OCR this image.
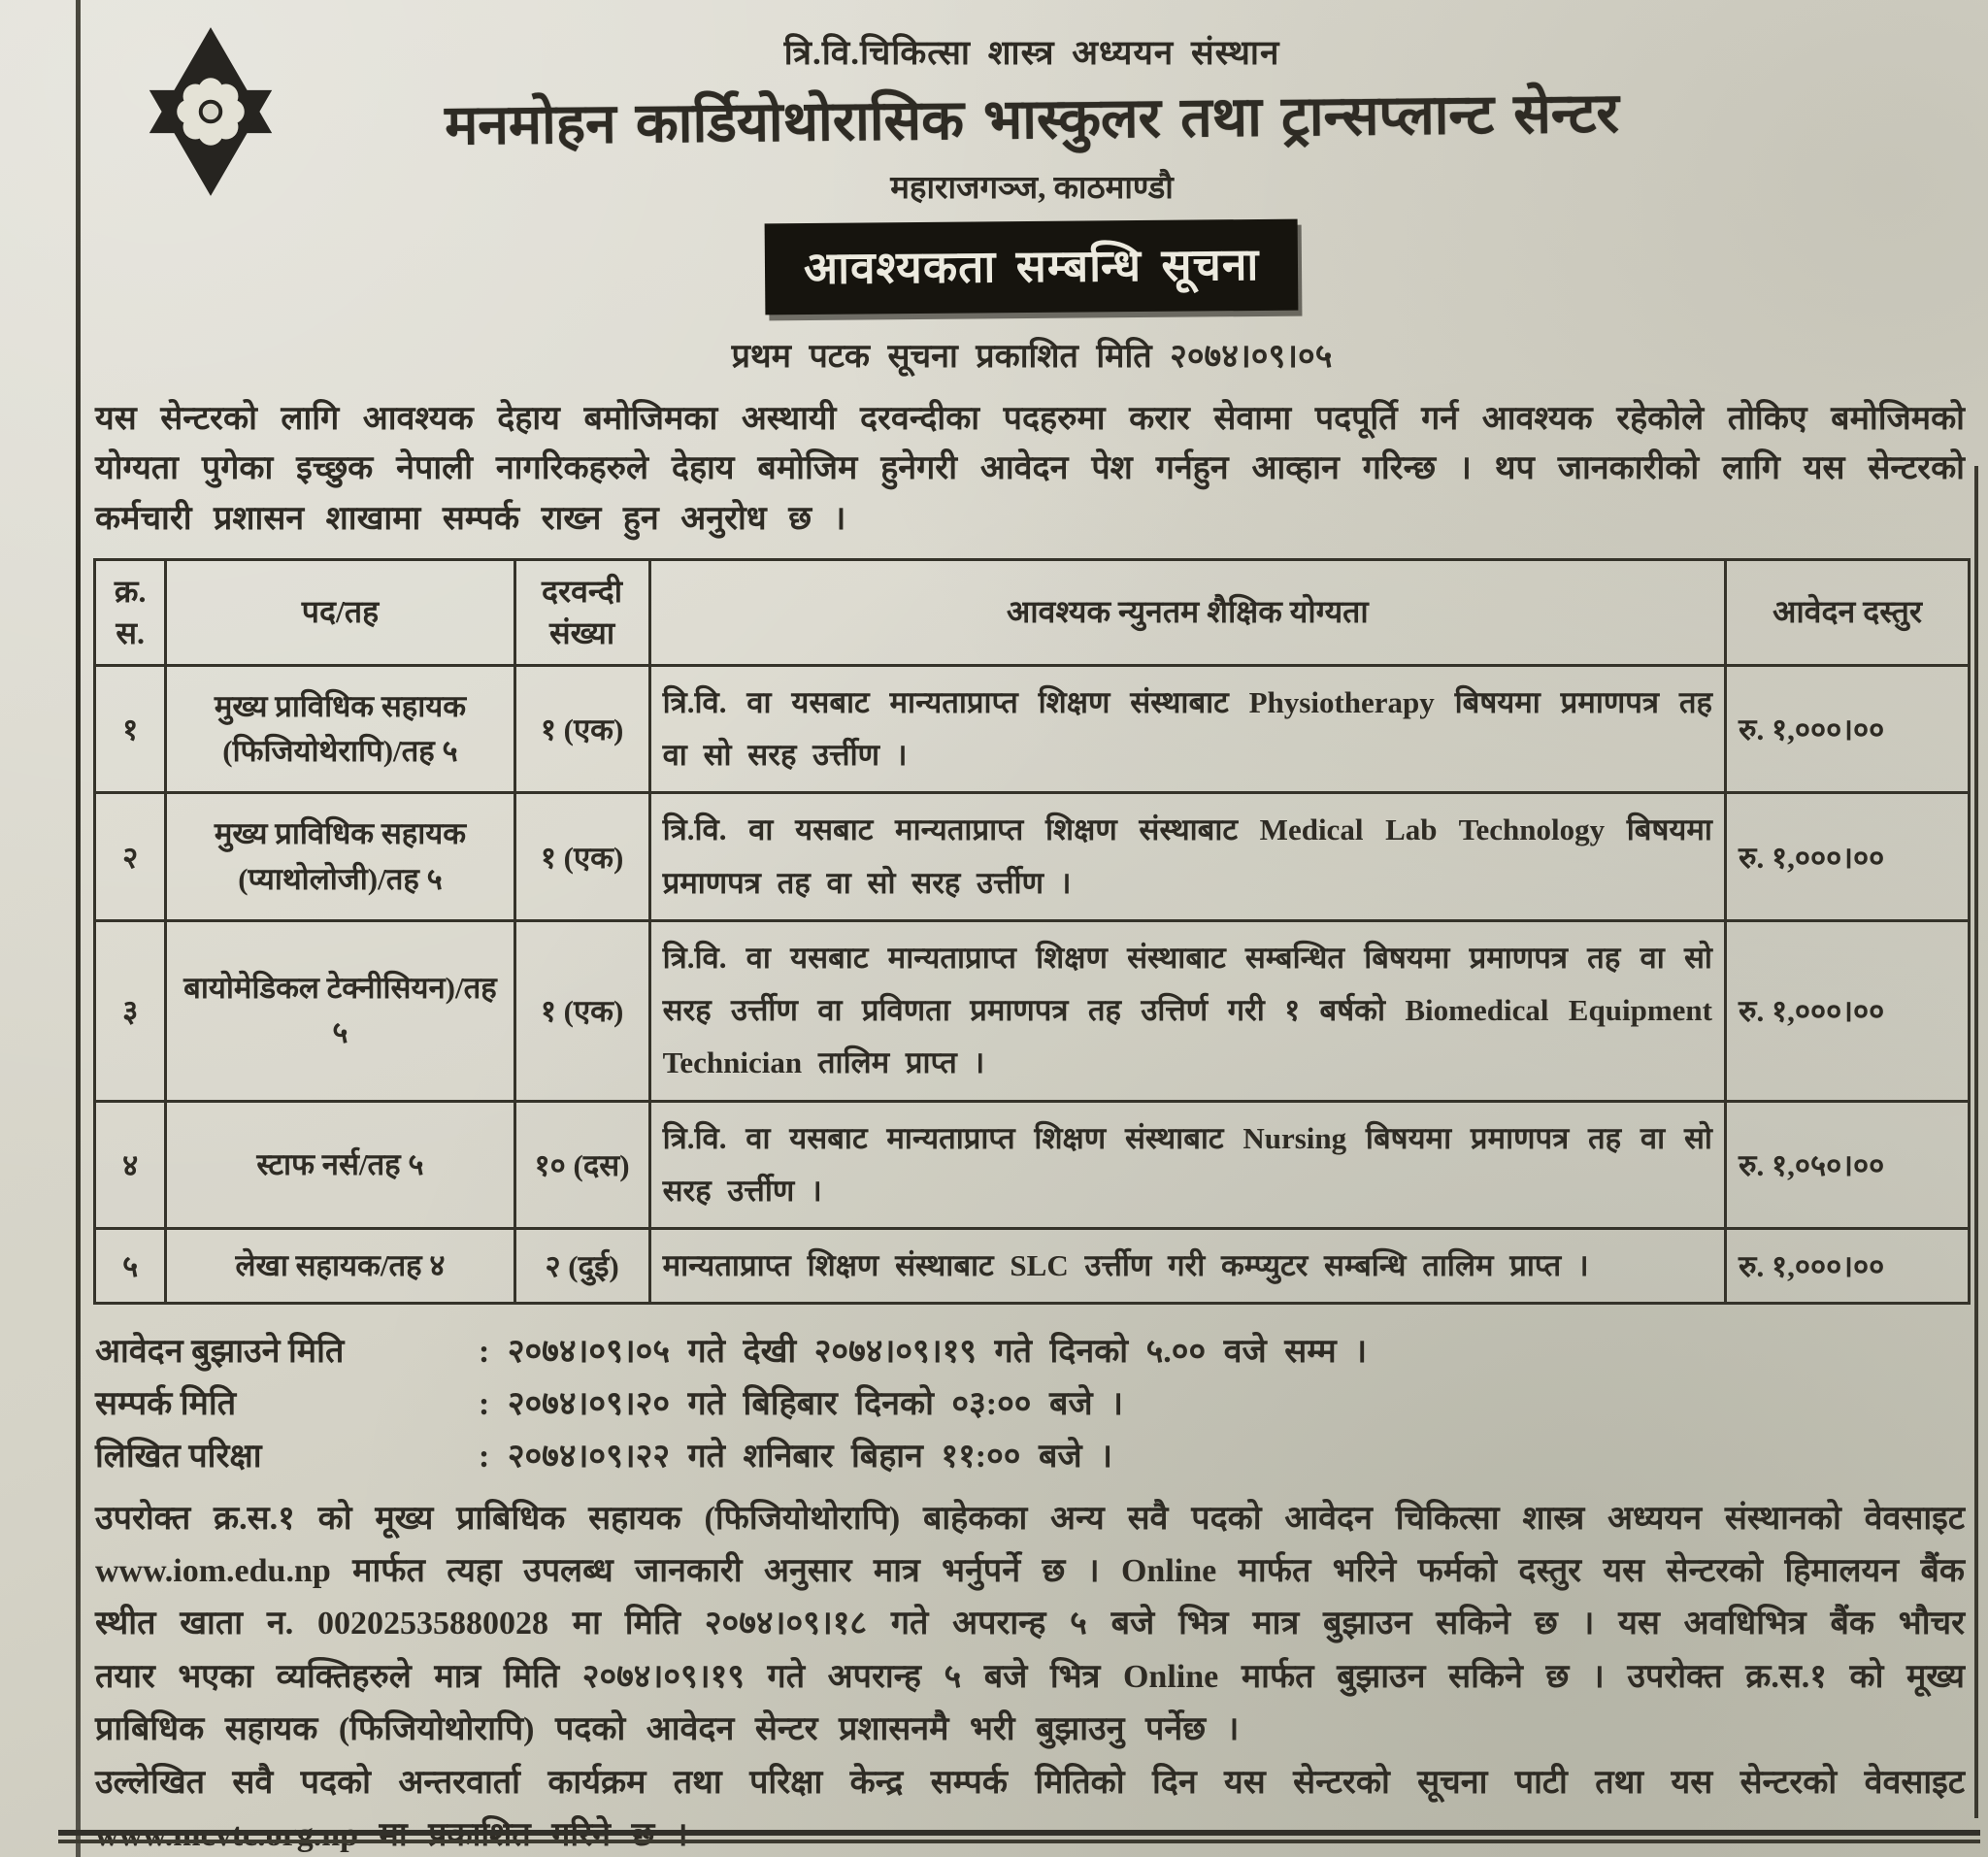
त्रि.वि.चिकित्सा शास्त्र अध्ययन संस्थान
मनमोहन कार्डियोथोरासिक भास्कुलर तथा ट्रान्सप्लान्ट सेन्टर
महाराजगञ्ज, काठमाण्डौ
आवश्यकता सम्बन्धि सूचना
प्रथम पटक सूचना प्रकाशित मिति २०७४।०९।०५

यस सेन्टरको लागि आवश्यक देहाय बमोजिमका अस्थायी दरवन्दीका पदहरुमा करार सेवामा पदपूर्ति गर्न आवश्यक रहेकोले तोकिए बमोजिमको योग्यता पुगेका इच्छुक नेपाली नागरिकहरुले देहाय बमोजिम हुनेगरी आवेदन पेश गर्नहुन आव्हान गरिन्छ । थप जानकारीको लागि यस सेन्टरको कर्मचारी प्रशासन शाखामा सम्पर्क राख्न हुन अनुरोध छ ।

क्र. स.	पद/तह	दरवन्दी संख्या	आवश्यक न्युनतम शैक्षिक योग्यता	आवेदन दस्तुर
१	मुख्य प्राविधिक सहायक (फिजियोथेरापि)/तह ५	१ (एक)	त्रि.वि. वा यसबाट मान्यताप्राप्त शिक्षण संस्थाबाट Physiotherapy बिषयमा प्रमाणपत्र तह वा सो सरह उर्त्तीण ।	रु. १,०००।००
२	मुख्य प्राविधिक सहायक (प्याथोलोजी)/तह ५	१ (एक)	त्रि.वि. वा यसबाट मान्यताप्राप्त शिक्षण संस्थाबाट Medical Lab Technology बिषयमा प्रमाणपत्र तह वा सो सरह उर्त्तीण ।	रु. १,०००।००
३	बायोमेडिकल टेक्नीसियन)/तह ५	१ (एक)	त्रि.वि. वा यसबाट मान्यताप्राप्त शिक्षण संस्थाबाट सम्बन्धित बिषयमा प्रमाणपत्र तह वा सो सरह उर्त्तीण वा प्रविणता प्रमाणपत्र तह उत्तिर्ण गरी १ बर्षको Biomedical Equipment Technician तालिम प्राप्त ।	रु. १,०००।००
४	स्टाफ नर्स/तह ५	१० (दस)	त्रि.वि. वा यसबाट मान्यताप्राप्त शिक्षण संस्थाबाट Nursing बिषयमा प्रमाणपत्र तह वा सो सरह उर्त्तीण ।	रु. १,०५०।००
५	लेखा सहायक/तह ४	२ (दुई)	मान्यताप्राप्त शिक्षण संस्थाबाट SLC उर्त्तीण गरी कम्प्युटर सम्बन्धि तालिम प्राप्त ।	रु. १,०००।००
आवेदन बुझाउने मिति	: २०७४।०९।०५ गते देखी २०७४।०९।१९ गते दिनको ५.०० वजे सम्म ।
सम्पर्क मिति	: २०७४।०९।२० गते बिहिबार दिनको ०३:०० बजे ।
लिखित परिक्षा	: २०७४।०९।२२ गते शनिबार बिहान ११:०० बजे ।

उपरोक्त क्र.स.१ को मूख्य प्राबिधिक सहायक (फिजियोथोरापि) बाहेकका अन्य सवै पदको आवेदन चिकित्सा शास्त्र अध्ययन संस्थानको वेवसाइट www.iom.edu.np मार्फत त्यहा उपलब्ध जानकारी अनुसार मात्र भर्नुपर्ने छ । Online मार्फत भरिने फर्मको दस्तुर यस सेन्टरको हिमालयन बैंक स्थीत खाता न. 00202535880028 मा मिति २०७४।०९।१८ गते अपरान्ह ५ बजे भित्र मात्र बुझाउन सकिने छ । यस अवधिभित्र बैंक भौचर तयार भएका व्यक्तिहरुले मात्र मिति २०७४।०९।१९ गते अपरान्ह ५ बजे भित्र Online मार्फत बुझाउन सकिने छ । उपरोक्त क्र.स.१ को मूख्य प्राबिधिक सहायक (फिजियोथोरापि) पदको आवेदन सेन्टर प्रशासनमै भरी बुझाउनु पर्नेछ ।

उल्लेखित सवै पदको अन्तरवार्ता कार्यक्रम तथा परिक्षा केन्द्र सम्पर्क मितिको दिन यस सेन्टरको सूचना पाटी तथा यस सेन्टरको वेवसाइट www.mcvtc.org.np मा प्रकाशित गरिने छ ।
